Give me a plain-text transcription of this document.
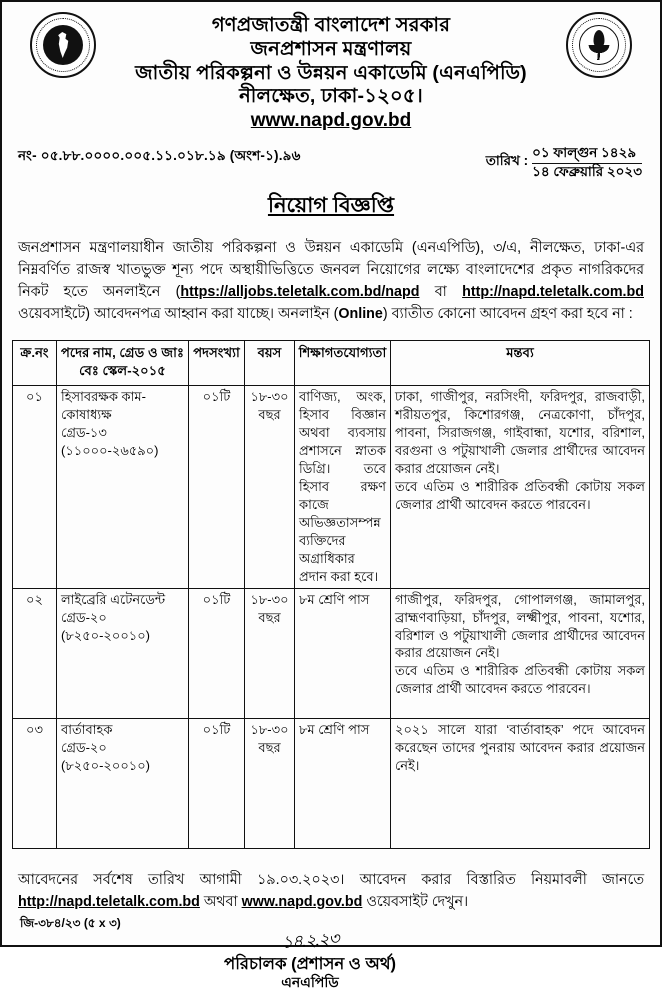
গণপ্রজাতন্ত্রী বাংলাদেশ সরকার
জনপ্রশাসন মন্ত্রণালয়
জাতীয় পরিকল্পনা ও উন্নয়ন একাডেমি (এনএপিডি)
নীলক্ষেত, ঢাকা-১২০৫।
www.napd.gov.bd
নং- ০৫.৮৮.০০০০.০০৫.১১.০১৮.১৯ (অংশ-১).৯৬	তারিখ :
০১ ফাল্গুন ১৪২৯
১৪ ফেব্রুয়ারি ২০২৩
নিয়োগ বিজ্ঞপ্তি

জনপ্রশাসন মন্ত্রণালয়াধীন জাতীয় পরিকল্পনা ও উন্নয়ন একাডেমি (এনএপিডি), ৩/এ, নীলক্ষেত, ঢাকা-এর নিম্নবর্ণিত রাজস্ব খাতভুক্ত শূন্য পদে অস্থায়ীভিত্তিতে জনবল নিয়োগের লক্ষ্যে বাংলাদেশের প্রকৃত নাগরিকদের নিকট হতে অনলাইনে (https://alljobs.teletalk.com.bd/napd বা http://napd.teletalk.com.bd ওয়েবসাইটে) আবেদনপত্র আহ্বান করা যাচ্ছে। অনলাইন (Online) ব্যাতীত কোনো আবেদন গ্রহণ করা হবে না :

ক্র.নং	পদের নাম, গ্রেড ও জাঃ বেঃ স্কেল-২০১৫	পদসংখ্যা	বয়স	শিক্ষাগতযোগ্যতা	মন্তব্য
০১	হিসাবরক্ষক কাম-কোষাধ্যক্ষ
গ্রেড-১৩
(১১০০০-২৬৫৯০)
	০১টি	১৮-৩০ বছর	বাণিজ্য, অংক, হিসাব বিজ্ঞান অথবা ব্যবসায় প্রশাসনে স্নাতক ডিগ্রি। তবে হিসাব রক্ষণ কাজে অভিজ্ঞতাসম্পন্ন ব্যক্তিদের অগ্রাধিকার প্রদান করা হবে।	
ঢাকা, গাজীপুর, নরসিংদী, ফরিদপুর, রাজবাড়ী, শরীয়তপুর, কিশোরগঞ্জ, নেত্রকোণা, চাঁদপুর, পাবনা, সিরাজগঞ্জ, গাইবান্ধা, যশোর, বরিশাল, বরগুনা ও পটুয়াখালী জেলার প্রার্থীদের আবেদন করার প্রয়োজন নেই।
তবে এতিম ও শারীরিক প্রতিবন্ধী কোটায় সকল জেলার প্রার্থী আবেদন করতে পারবেন।

০২	লাইব্রেরি এটেনডেন্ট
গ্রেড-২০
(৮২৫০-২০০১০)
	০১টি	১৮-৩০ বছর	৮ম শ্রেণি পাস	গাজীপুর, ফরিদপুর, গোপালগঞ্জ, জামালপুর, ব্রাহ্মণবাড়িয়া, চাঁদপুর, লক্ষ্মীপুর, পাবনা, যশোর, বরিশাল ও পটুয়াখালী জেলার প্রার্থীদের আবেদন করার প্রয়োজন নেই।
তবে এতিম ও শারীরিক প্রতিবন্ধী কোটায় সকল জেলার প্রার্থী আবেদন করতে পারবেন।

০৩	বার্তাবাহক
গ্রেড-২০
(৮২৫০-২০০১০)	০১টি	১৮-৩০ বছর	৮ম শ্রেণি পাস	২০২১ সালে যারা ‘বার্তাবাহক’ পদে আবেদন করেছেন তাদের পুনরায় আবেদন করার প্রয়োজন নেই।

আবেদনের সর্বশেষ তারিখ আগামী ১৯.০৩.২০২৩। আবেদন করার বিস্তারিত নিয়মাবলী জানতে http://napd.teletalk.com.bd অথবা www.napd.gov.bd ওয়েবসাইট দেখুন।

১৪.২.২৩
পরিচালক (প্রশাসন ও অর্থ)
এনএপিডি
জি-৩৮৪/২৩ (৫ x ৩)
